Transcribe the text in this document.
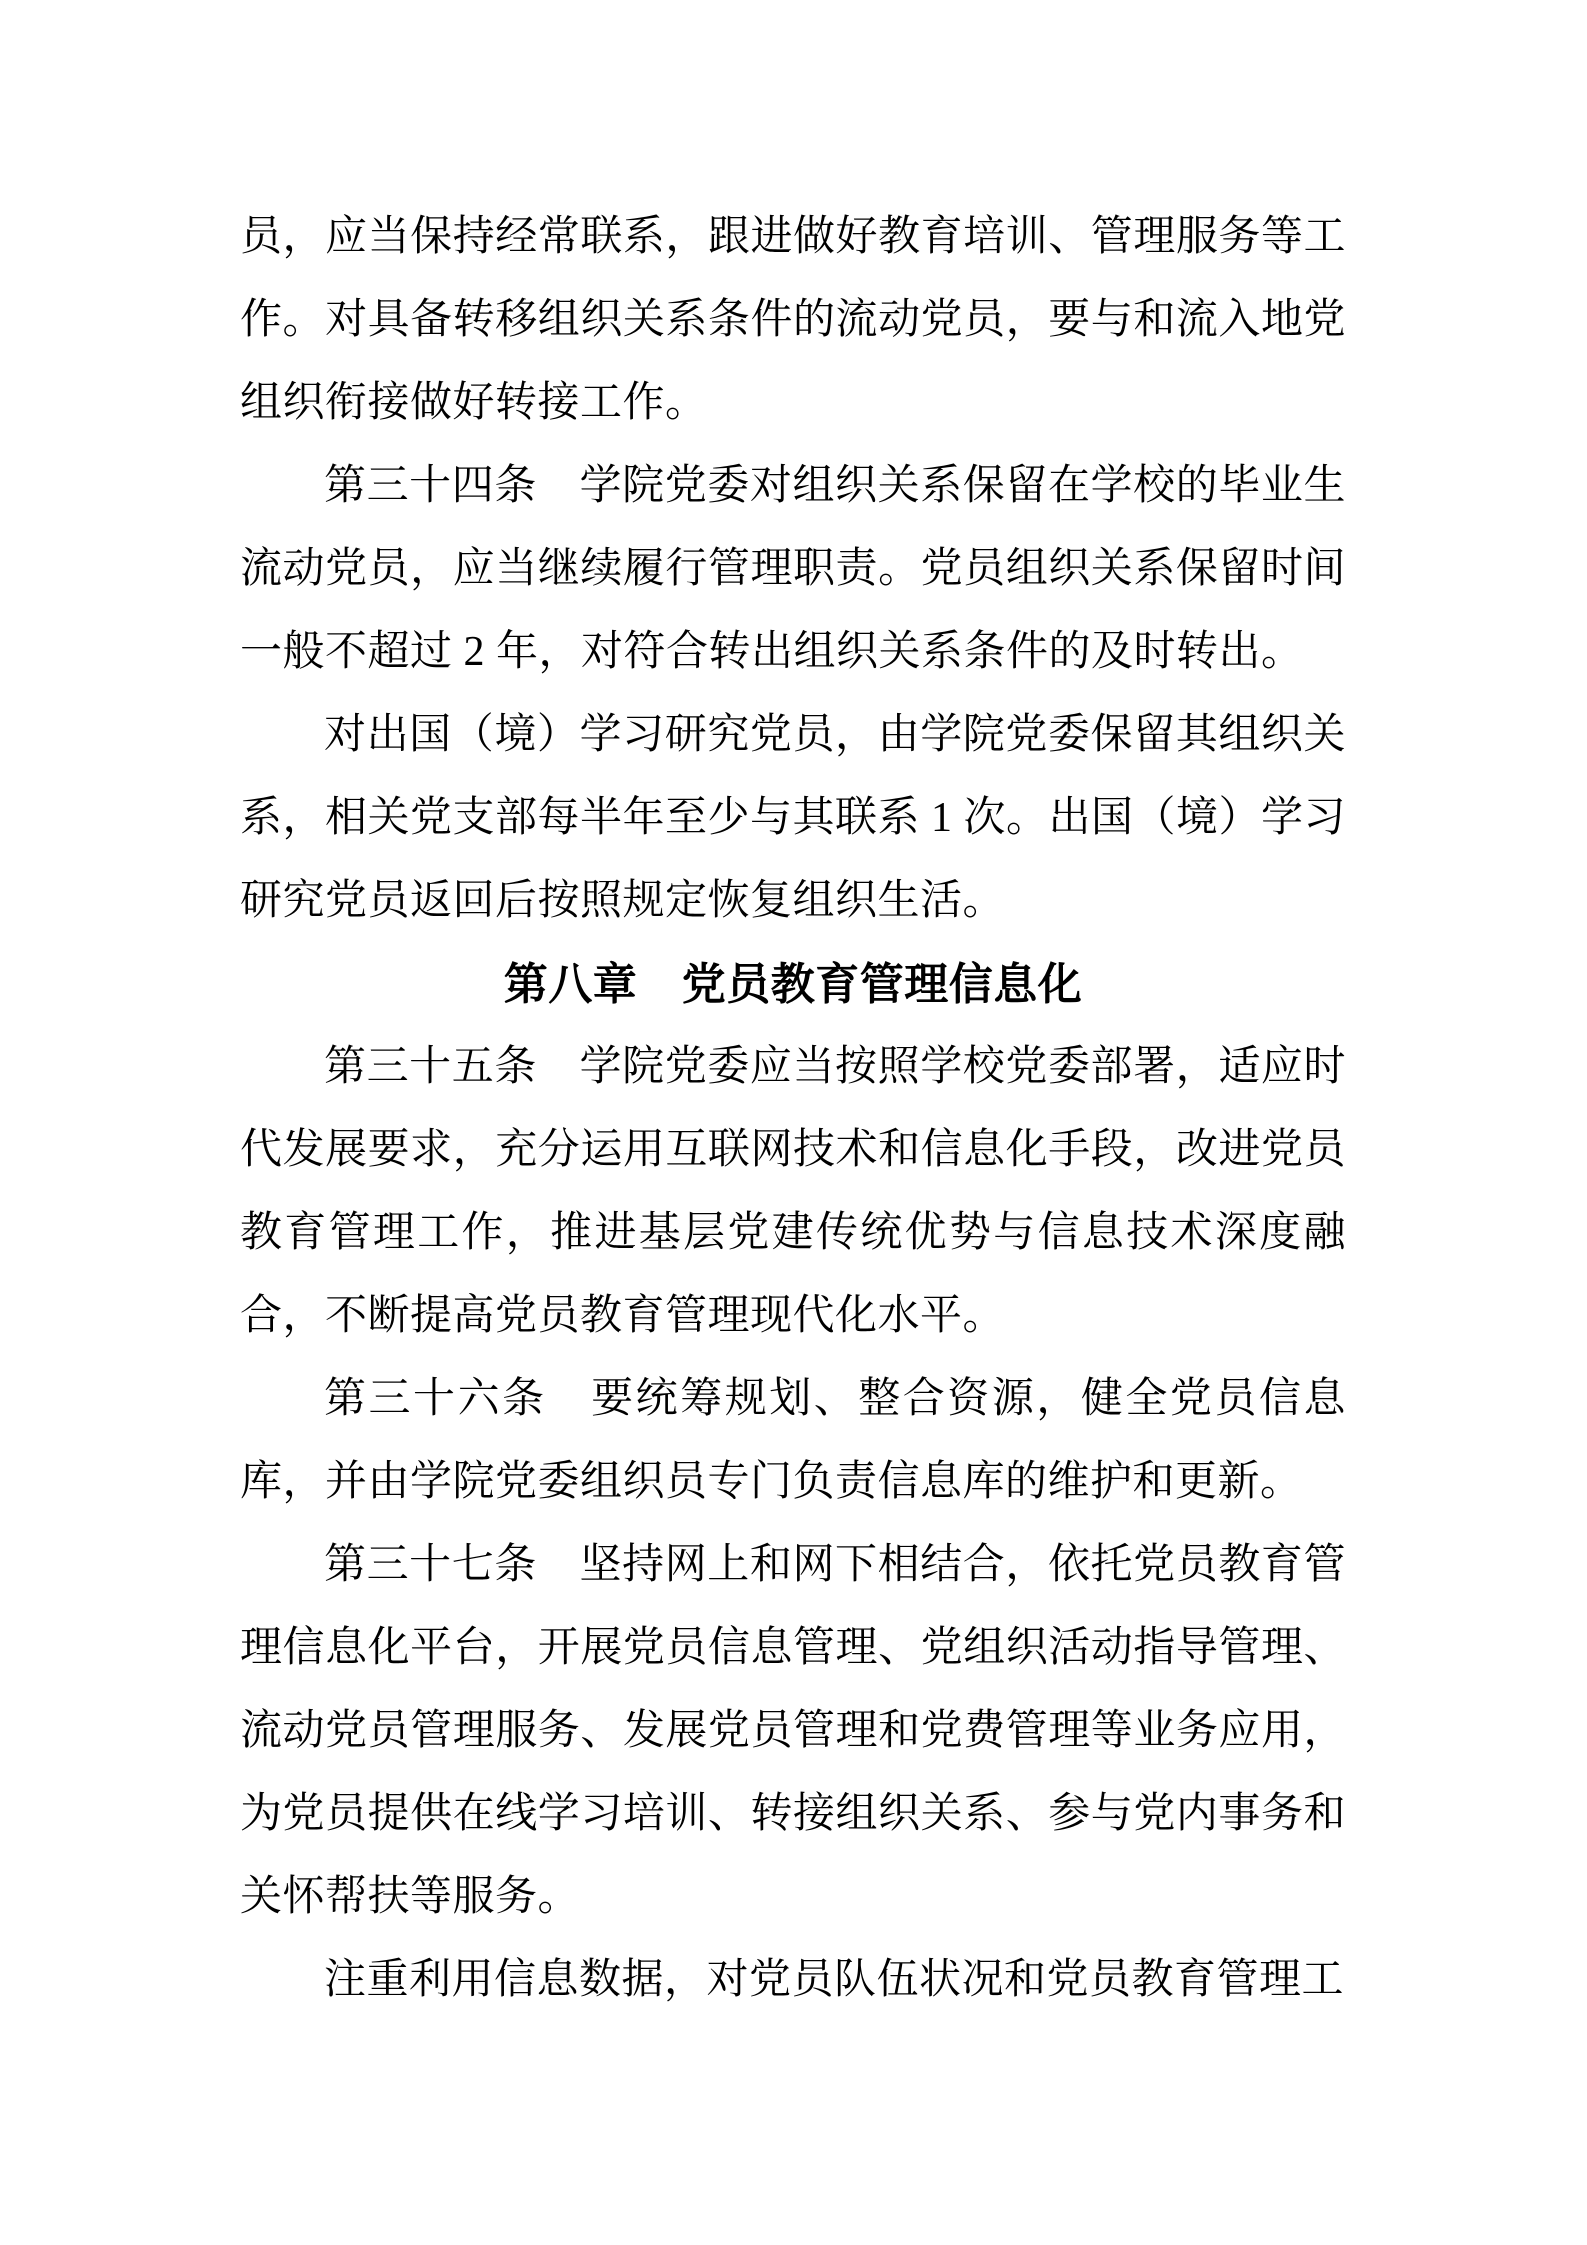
员，应当保持经常联系，跟进做好教育培训、管理服务等工作。对具备转移组织关系条件的流动党员，要与和流入地党组织衔接做好转接工作。

第三十四条　学院党委对组织关系保留在学校的毕业生流动党员，应当继续履行管理职责。党员组织关系保留时间一般不超过 2 年，对符合转出组织关系条件的及时转出。

对出国（境）学习研究党员，由学院党委保留其组织关系，相关党支部每半年至少与其联系 1 次。出国（境）学习研究党员返回后按照规定恢复组织生活。

第八章　党员教育管理信息化

第三十五条　学院党委应当按照学校党委部署，适应时代发展要求，充分运用互联网技术和信息化手段，改进党员教育管理工作，推进基层党建传统优势与信息技术深度融合，不断提高党员教育管理现代化水平。

第三十六条　要统筹规划、整合资源，健全党员信息库，并由学院党委组织员专门负责信息库的维护和更新。

第三十七条　坚持网上和网下相结合，依托党员教育管理信息化平台，开展党员信息管理、党组织活动指导管理、流动党员管理服务、发展党员管理和党费管理等业务应用，为党员提供在线学习培训、转接组织关系、参与党内事务和关怀帮扶等服务。

注重利用信息数据，对党员队伍状况和党员教育管理工
